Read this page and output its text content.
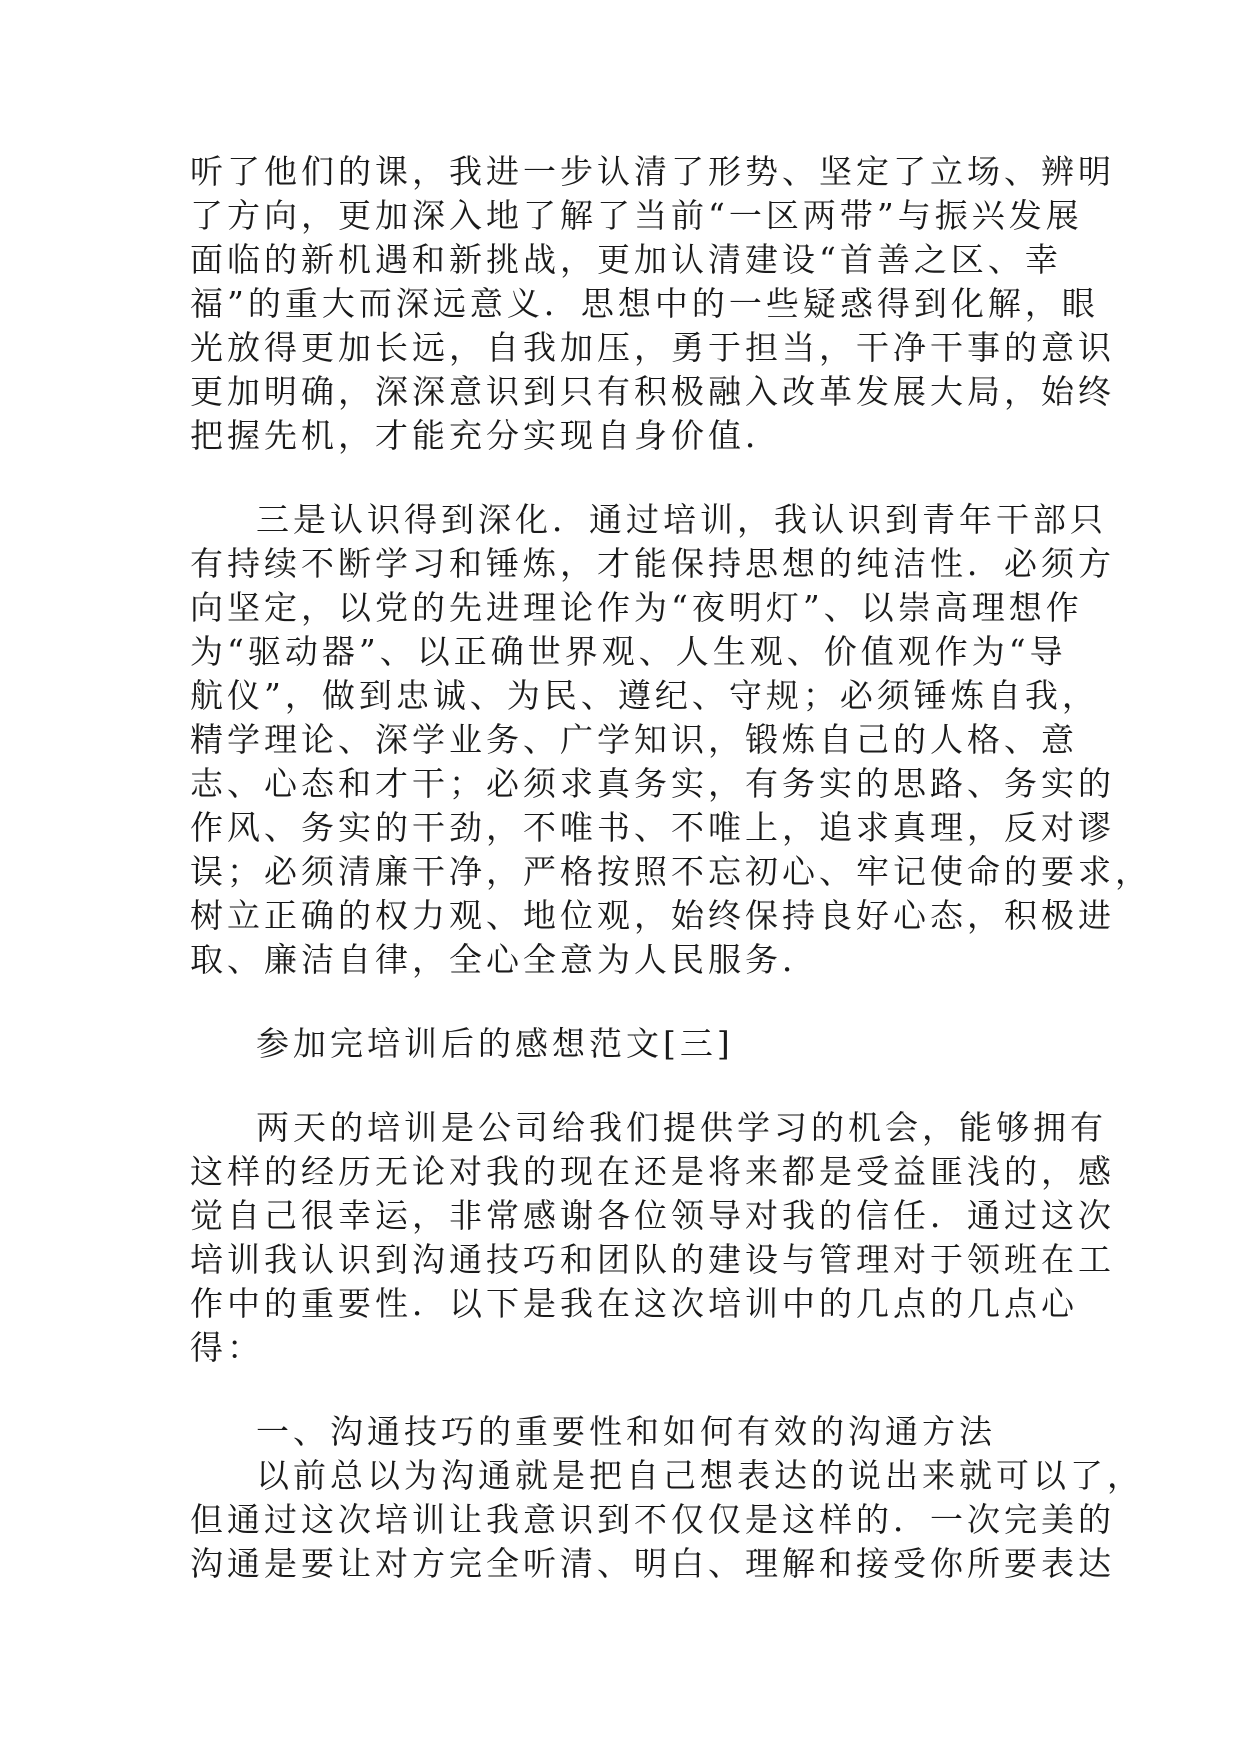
听了他们的课，我进一步认清了形势、坚定了立场、辨明
了方向，更加深入地了解了当前“一区两带”与振兴发展
面临的新机遇和新挑战，更加认清建设“首善之区、幸
福”的重大而深远意义．思想中的一些疑惑得到化解，眼
光放得更加长远，自我加压，勇于担当，干净干事的意识
更加明确，深深意识到只有积极融入改革发展大局，始终
把握先机，才能充分实现自身价值．
三是认识得到深化．通过培训，我认识到青年干部只
有持续不断学习和锤炼，才能保持思想的纯洁性．必须方
向坚定，以党的先进理论作为“夜明灯”、以崇高理想作
为“驱动器”、以正确世界观、人生观、价值观作为“导
航仪”，做到忠诚、为民、遵纪、守规；必须锤炼自我，
精学理论、深学业务、广学知识，锻炼自己的人格、意
志、心态和才干；必须求真务实，有务实的思路、务实的
作风、务实的干劲，不唯书、不唯上，追求真理，反对谬
误；必须清廉干净，严格按照不忘初心、牢记使命的要求，
树立正确的权力观、地位观，始终保持良好心态，积极进
取、廉洁自律，全心全意为人民服务．
参加完培训后的感想范文[三]
两天的培训是公司给我们提供学习的机会，能够拥有
这样的经历无论对我的现在还是将来都是受益匪浅的，感
觉自己很幸运，非常感谢各位领导对我的信任．通过这次
培训我认识到沟通技巧和团队的建设与管理对于领班在工
作中的重要性．以下是我在这次培训中的几点的几点心
得：
一、沟通技巧的重要性和如何有效的沟通方法
以前总以为沟通就是把自己想表达的说出来就可以了，
但通过这次培训让我意识到不仅仅是这样的．一次完美的
沟通是要让对方完全听清、明白、理解和接受你所要表达
